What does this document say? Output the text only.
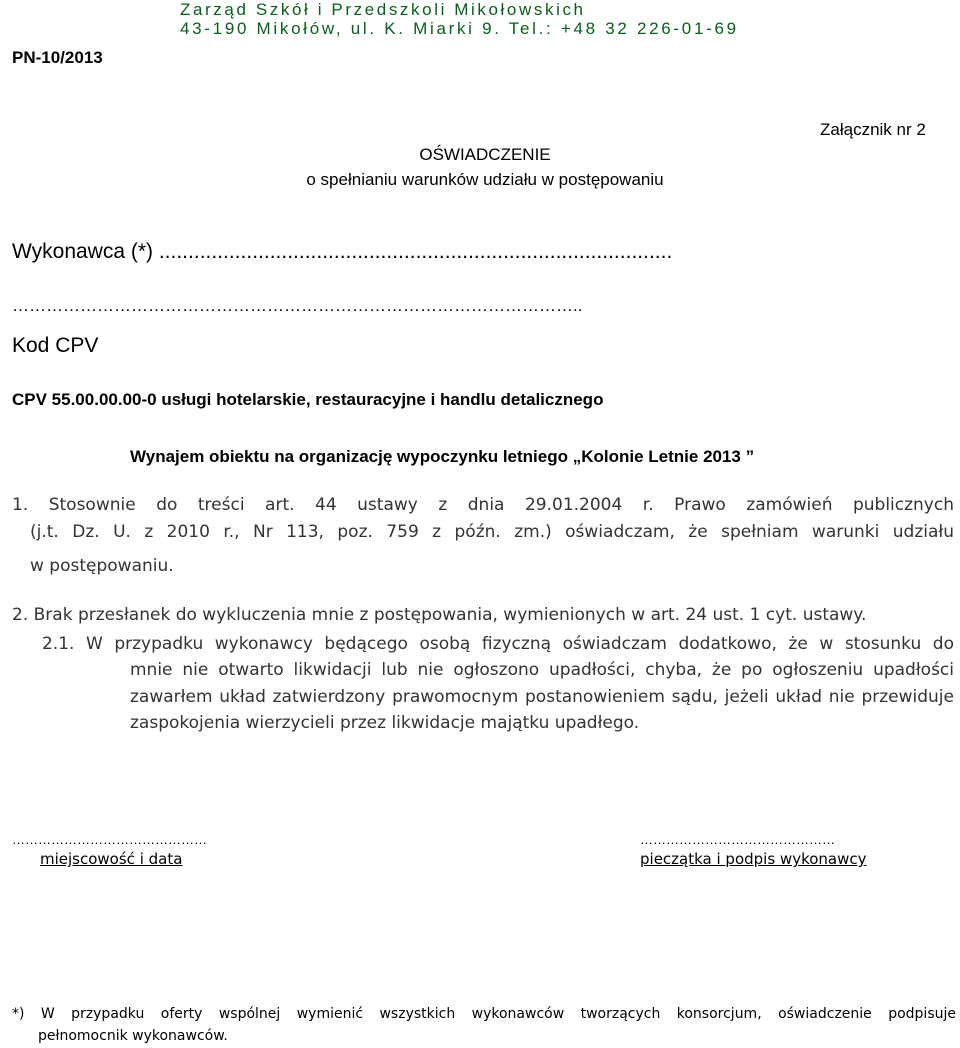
Zarząd Szkół i Przedszkoli Mikołowskich
43-190 Mikołów, ul. K. Miarki 9. Tel.: +48 32 226-01-69
PN-10/2013
Załącznik nr 2
OŚWIADCZENIE
o spełnianiu warunków udziału w postępowaniu
Wykonawca (*) ........................................................................................
………………………………………………………………………………………..
Kod CPV
CPV 55.00.00.00-0 usługi hotelarskie, restauracyjne i handlu detalicznego
Wynajem obiektu na organizację wypoczynku letniego „Kolonie Letnie 2013 ”
1. Stosownie do treści art. 44 ustawy z dnia 29.01.2004 r. Prawo zamówień publicznych
(j.t. Dz. U. z 2010 r., Nr 113, poz. 759 z późn. zm.) oświadczam, że spełniam warunki udziału
w postępowaniu.
2. Brak przesłanek do wykluczenia mnie z postępowania, wymienionych w art. 24 ust. 1 cyt. ustawy.
2.1. W przypadku wykonawcy będącego osobą fizyczną oświadczam dodatkowo, że w stosunku do
mnie nie otwarto likwidacji lub nie ogłoszono upadłości, chyba, że po ogłoszeniu upadłości
zawarłem układ zatwierdzony prawomocnym postanowieniem sądu, jeżeli układ nie przewiduje
zaspokojenia wierzycieli przez likwidacje majątku upadłego.
………………………………………
miejscowość i data
………………………………………
pieczątka i podpis wykonawcy
*) W przypadku oferty wspólnej wymienić wszystkich wykonawców tworzących konsorcjum, oświadczenie podpisuje
pełnomocnik wykonawców.
